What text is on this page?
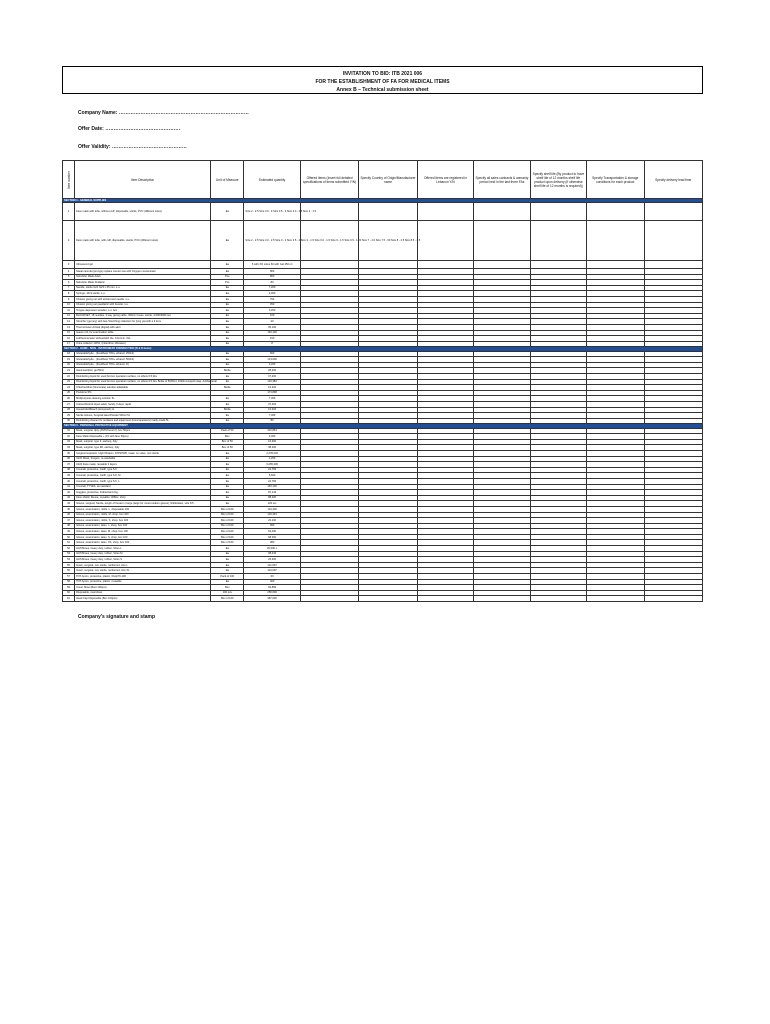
INVITATION TO BID: ITB 2021 006
FOR THE ESTABLISHMENT OF FA FOR MEDICAL ITEMS
Annex B – Technical submission sheet
Company Name: ……………………………………………………………………
Offer Date: ………………………………………
Offer Validity: ………………………………………
Item number	Item Description	Unit of Measure	Estimated quantity	Offered items (Insert full detailed specifications of items submitted Y/N)	Specify Country of Origin/Manufacturer name	Offered items are registered in Lebanon Y/N	Specify all sales contracts & warranty period held in the last three FAs	Specify shelf life (By product to have shelf life of 12 months shelf life product upon delivery (if otherwise shelf life of 12 months is required))	Specify Transportation & storage conditions for each product	Specify delivery lead time
SECTION 1 - GENERAL SUPPLIES										
1	Face mask with tube, without cuff, disposable, sterile, PVC (different sizes)	Ea	Size 2 - 2.5 Size 3.0 - 3 Size 3.5 - 3 Size 4.0 - 2.5 Size 4 - 1.5							
2	Face mask with tube, with cuff, disposable, sterile, PVC (different sizes)	Ea	Size 2 - 2.5 Size 3.0 - 2.5 Size 3 - 2 Size 3.5 - 2 Size 3 - 1.5 Size 6.0 - 1.5 Size 6 - 1.5 Size 6.5 - 1.20 Size 7 - 4.0 Size 7.5 - 60 Size 8 - 4.5 Size 8.5 - 4.5							
3	Ultrasound gel	Ea	5 with 4% Litres 60 with Gel 250 ml							
4	Nasal cannula (prongs) replace mentor use with Oxygen concentrator	Ea	800							
5	Nebulizer Mask Adult	Pcs	800							
6	Nebulizer Mask Pediatric	Pcs	80							
7	Needle, sterile G21 G23 x 25 mm, s.u.	Ea	7,200							
8	Syringe, 10ml sterile, s.u.	Ea	2,000							
9	Infusion giving set with airinlet and needle, s.u.	Ea	762							
10	Infusion giving set paediatric with burette, s.u.	Ea	390							
11	Tongue depressor wooden, s.u. box	Ea	3,200							
12	BLOODSET, 18 needles, 3 way giving cable, 300cm hoses, sterile, 3-600/3000 set	Ea	100							
13	Stretcher (gurney) with feet-Stretching collection for lying pat with a 3 tiers	Ea	20							
14	Thermometer clinical (digital) with alert	Ea	35,100							
15	Gauze roll, for examination table	Ea	163,100							
16	Lid/thermometer without/with tbe, 10m/min. 6x1	Ea	150							
17	Urine collector 100%, (Infant/box 10/cases)	Ea	8							
SECTION 2 - HAND - SKIN - INSTRUMENT DISINFECTION (R & D items)										
18	Gluteraldehyde - (fixed/best 70%+ ethanol, 250ml)	Ea	600							
19	Gluteraldehyde - (fixed/best 70%+ ethanol, 500ml)	Ea	10,1000							
20	Gluteraldehyde - (fixed/best 70%+ ethanol, 1l)	Ea	3,200							
21	Hand sanitizer, gel 50ml	Bottle	28,300							
22	Disinfecting liquid for used bronco operators surface, no elbow 0.5 litre	Ea	37,200							
23	Disinfecting liquid for used bronco operators surface, no elbow 0.5 litre Bottle of 5000ml, 1000ml+Liquid soap, Antibacterial	Ea	123,384							
24	Chlorhexidine (Gluconate) solution adaptable	Bottle	16,202							
25	Povidone 5%		174,898							
26	Multipurpose cleaning solution 5L	Ea	7,369							
27	Cotton/Alcohol wipes adult, handy, frutest, rapid	Ea	37,462							
28	Household-Bleach (tempered) 1L	Bottle	16,202							
29	Sterile Gloves, Surgical latex/Powder 500ml 5L	Ea	7,369							
30	Disinfecting cleaner for surfaces and equipment (broncoperators) ready-made 5L	Ea	80							
SECTION 3 - PERSONAL PROTECTIVE EQUIPMENT										
31	Mask, surgical, 3ply (ASTM level 2), box 50pcs	Pack of 50	310,864							
32	Face Mask Disposable + (Fit with face 50pcs)	Box	3,360							
33	Mask, surgical, type II, earloop, 4ply	Box of 50	16,300							
34	Mask, surgical, type IIR, earloop, 4ply	Box of 50	38,200							
35	Surgical respirator, High filtration, FFP2/N95, mask, no valve, non sterile	Ea	2,278,246							
36	Cloth Mask, 3 layers, re-washable	Ea	1,200							
37	Cloth Face mask, reusable 3 layers	Ea	6,265,300							
38	Coverall, protective, CatIII, type 5-6	Ea	22,784							
39	Coverall, protective, CatIII, type 5-6, M	Ea	5,600							
40	Coverall, protective, CatIII, type 5-6, L	Ea	22,784							
41	Coverall, TYVEK, as standard	Ea	163,100							
42	Goggles, protective, Indirect/anti-fog	Ea	87,143							
43	Face shield, Reuse, reusable 10/Box, shop	Ea	88,200							
44	Gloves, surgical, Sterile, length of forearm / large (large for most-medium gloves), Nitrile/latex, size 8.5	Ea	220 etc							
45	Gloves, examination, nitrile, L, disposable 100	Box of 100	124,400							
46	Gloves, examination, nitrile, M, shop, box 100	Box of 100	103,391							
47	Gloves, examination, nitrile, S, shop, box 100	Box of 100	22,100							
48	Gloves, examination, latex, L, shop, box 100	Box of 100	990							
49	Gloves, examination, latex, M, shop, box 100	Box of 100	62,400							
50	Gloves, examination, latex, S, shop, box 100	Box of 100	68,300							
51	Gloves, examination, latex, XS, shop, box 100	Box of 100	380							
52	HAT/Shoes, heavy duty, rubber, Sizes L	Ea	20,000 L							
53	HAT/Shoes, heavy duty, rubber, Sizes M	Ea	98,446							
54	HAT/Shoes, heavy duty, rubber, Sizes S	Ea	26,300							
55	Gown, surgical, non sterile, reinforced, size L	Ea	121,697							
56	Gown, surgical, non sterile, reinforced, size XL	Ea	110,097							
57	TNT Apron, protective, plastic, 6/stp/70-100	Pack of 100	60							
58	TNT Apron, protective, plastic, reusable	Ea	400							
59	Cover Shoe (Boot 100pcs)	Box	94,899							
60	Disposable, overshoes	100 pcs	259,600							
61	Head Cap Disposable (Box 100pcs)	Box of 100	387,000							
Company's signature and stamp
